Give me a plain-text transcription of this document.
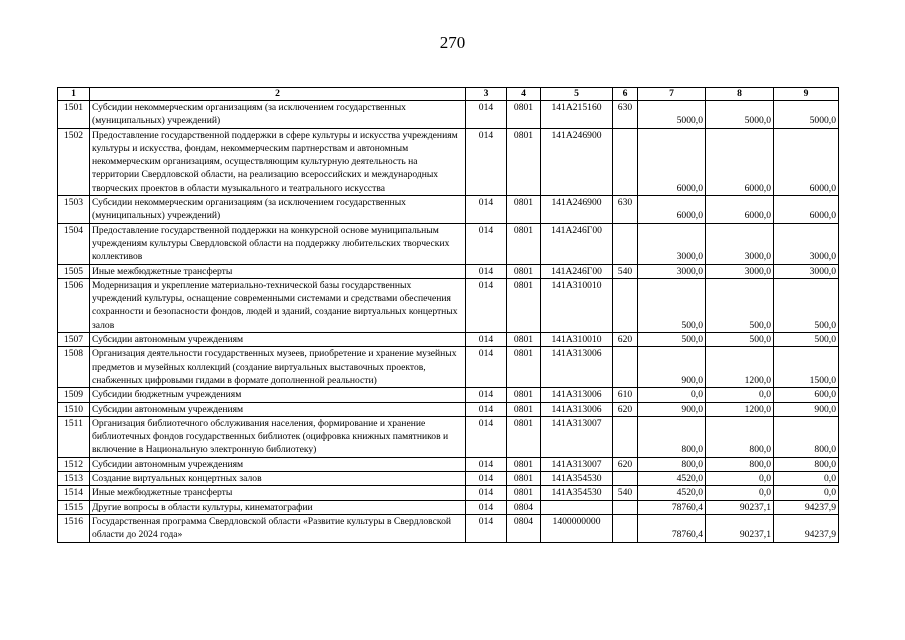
270
1	2	3	4	5	6	7	8	9
1501	Субсидии некоммерческим организациям (за исключением государственных (муниципальных) учреждений)	014	0801	141A215160	630	5000,0	5000,0	5000,0
1502	Предоставление государственной поддержки в сфере культуры и искусства учреждениям культуры и искусства, фондам, некоммерческим партнерствам и автономным некоммерческим организациям, осуществляющим культурную деятельность на территории Свердловской области, на реализацию всероссийских и международных творческих проектов в области музыкального и театрального искусства	014	0801	141A246900		6000,0	6000,0	6000,0
1503	Субсидии некоммерческим организациям (за исключением государственных (муниципальных) учреждений)	014	0801	141A246900	630	6000,0	6000,0	6000,0
1504	Предоставление государственной поддержки на конкурсной основе муниципальным учреждениям культуры Свердловской области на поддержку любительских творческих коллективов	014	0801	141A246Г00		3000,0	3000,0	3000,0
1505	Иные межбюджетные трансферты	014	0801	141A246Г00	540	3000,0	3000,0	3000,0
1506	Модернизация и укрепление материально-технической базы государственных учреждений культуры, оснащение современными системами и средствами обеспечения сохранности и безопасности фондов, людей и зданий, создание виртуальных концертных залов	014	0801	141A310010		500,0	500,0	500,0
1507	Субсидии автономным учреждениям	014	0801	141A310010	620	500,0	500,0	500,0
1508	Организация деятельности государственных музеев, приобретение и хранение музейных предметов и музейных коллекций (создание виртуальных выставочных проектов, снабженных цифровыми гидами в формате дополненной реальности)	014	0801	141A313006		900,0	1200,0	1500,0
1509	Субсидии бюджетным учреждениям	014	0801	141A313006	610	0,0	0,0	600,0
1510	Субсидии автономным учреждениям	014	0801	141A313006	620	900,0	1200,0	900,0
1511	Организация библиотечного обслуживания населения, формирование и хранение библиотечных фондов государственных библиотек (оцифровка книжных памятников и включение в Национальную электронную библиотеку)	014	0801	141A313007		800,0	800,0	800,0
1512	Субсидии автономным учреждениям	014	0801	141A313007	620	800,0	800,0	800,0
1513	Создание виртуальных концертных залов	014	0801	141A354530		4520,0	0,0	0,0
1514	Иные межбюджетные трансферты	014	0801	141A354530	540	4520,0	0,0	0,0
1515	Другие вопросы в области культуры, кинематографии	014	0804			78760,4	90237,1	94237,9
1516	Государственная программа Свердловской области «Развитие культуры в Свердловской области до 2024 года»	014	0804	1400000000		78760,4	90237,1	94237,9
